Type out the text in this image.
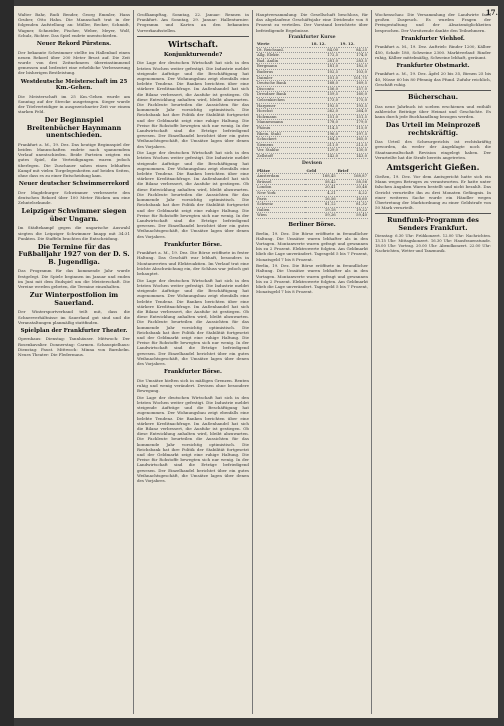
17.

Walter Bahr, Rudi Bender, Georg Emmler, Hans Gruber, Otto Hahn. Die Mannschaft trat in der folgenden Aufstellung an: Müller, Becker, Schmidt, Wagner, Schneider, Fischer, Weber, Meyer, Wolf, Schulz, Richter. Das Spiel endete unentschieden.

Neuer Rekord Pürstens.

Der bekannte Schwimmer stellte im Hallenbad einen neuen Rekord über 200 Meter Brust auf. Die Zeit wurde von drei Zeitnehmern übereinstimmend gemessen und bedeutet eine erhebliche Verbesserung der bisherigen Bestleistung.

Westdeutsche Meisterschaft im 25 Km.-Gehen.

Die Meisterschaft im 25 Km.-Gehen wurde am Sonntag auf der Strecke ausgetragen. Sieger wurde der Titelverteidiger in ausgezeichneter Zeit vor einem starken Feld.

Der Beginnspiel Breitenbücher Haynmann unentschieden.

Frankfurt a. M., 19. Dez. Das heutige Beginnspiel der beiden Mannschaften endete nach spannendem Verlauf unentschieden. Beide Parteien zeigten ein gutes Spiel, die Verteidigungen waren jedoch überlegen. Die Zuschauer sahen einen lebhaften Kampf mit vielen Torgelegenheiten auf beiden Seiten, ohne dass es zu einer Entscheidung kam.

Neuer deutscher Schwimmerrekord

Der Magdeburger Schwimmer verbesserte den deutschen Rekord über 100 Meter Rücken um eine Zehntelsekunde.

Leipziger Schwimmer siegen über Ungarn.

Im Städtekampf gegen die ungarische Auswahl siegten die Leipziger Schwimmer knapp mit 34:31 Punkten. Die Staffeln brachten die Entscheidung.

Die Termine für das Fußballjahr 1927 von der D. S. B. Jugendliga.

Das Programm für das kommende Jahr wurde festgelegt. Die Spiele beginnen im Januar und enden im Juni mit dem Endspiel um die Meisterschaft. Die Vereine werden gebeten, die Termine einzuhalten.

Zur Winterpostfolion im Sauerland.

Der Wintersportverband teilt mit, dass die Schneeverhältnisse im Sauerland gut sind und die Veranstaltungen planmäßig stattfinden.

Spielplan der Frankfurter Theater.

Opernhaus: Dienstag: Tannhäuser. Mittwoch: Der Rosenkavalier. Donnerstag: Carmen. Schauspielhaus: Dienstag: Faust. Mittwoch: Minna von Barnhelm. Neues Theater: Die Fledermaus.

Großkampftag, Sonntag, 22. Januar: Rennen in Frankfurt. Am Sonntag, 29. Januar: Hallenturnier. Programm und Karten an den bekannten Vorverkaufsstellen.

Wirtschaft.
Konjunkturwende?

Die Lage der deutschen Wirtschaft hat sich in den letzten Wochen weiter gefestigt. Die Industrie meldet steigende Aufträge und die Beschäftigung hat zugenommen. Der Wohnungsbau zeigt ebenfalls eine belebte Tendenz. Die Banken berichten über eine stärkere Kreditnachfrage. Im Außenhandel hat sich die Bilanz verbessert, die Ausfuhr ist gestiegen. Ob diese Entwicklung anhalten wird, bleibt abzuwarten. Die Fachleute beurteilen die Aussichten für das kommende Jahr vorsichtig optimistisch. Die Reichsbank hat ihre Politik der Stabilität fortgesetzt und der Geldmarkt zeigt eine ruhige Haltung. Die Preise für Rohstoffe bewegten sich nur wenig. In der Landwirtschaft sind die Erträge befriedigend gewesen. Der Einzelhandel berichtet über ein gutes Weihnachtsgeschäft, die Umsätze lagen über denen des Vorjahres.

Die Lage der deutschen Wirtschaft hat sich in den letzten Wochen weiter gefestigt. Die Industrie meldet steigende Aufträge und die Beschäftigung hat zugenommen. Der Wohnungsbau zeigt ebenfalls eine belebte Tendenz. Die Banken berichten über eine stärkere Kreditnachfrage. Im Außenhandel hat sich die Bilanz verbessert, die Ausfuhr ist gestiegen. Ob diese Entwicklung anhalten wird, bleibt abzuwarten. Die Fachleute beurteilen die Aussichten für das kommende Jahr vorsichtig optimistisch. Die Reichsbank hat ihre Politik der Stabilität fortgesetzt und der Geldmarkt zeigt eine ruhige Haltung. Die Preise für Rohstoffe bewegten sich nur wenig. In der Landwirtschaft sind die Erträge befriedigend gewesen. Der Einzelhandel berichtet über ein gutes Weihnachtsgeschäft, die Umsätze lagen über denen des Vorjahres.

Frankfurter Börse.

Frankfurt a. M., 19. Dez. Die Börse eröffnete in fester Haltung. Das Geschäft war lebhaft, besonders in Montanwerten und Elektroaktien. Im Verlauf trat eine leichte Abschwächung ein, der Schluss war jedoch gut behauptet.

Die Lage der deutschen Wirtschaft hat sich in den letzten Wochen weiter gefestigt. Die Industrie meldet steigende Aufträge und die Beschäftigung hat zugenommen. Der Wohnungsbau zeigt ebenfalls eine belebte Tendenz. Die Banken berichten über eine stärkere Kreditnachfrage. Im Außenhandel hat sich die Bilanz verbessert, die Ausfuhr ist gestiegen. Ob diese Entwicklung anhalten wird, bleibt abzuwarten. Die Fachleute beurteilen die Aussichten für das kommende Jahr vorsichtig optimistisch. Die Reichsbank hat ihre Politik der Stabilität fortgesetzt und der Geldmarkt zeigt eine ruhige Haltung. Die Preise für Rohstoffe bewegten sich nur wenig. In der Landwirtschaft sind die Erträge befriedigend gewesen. Der Einzelhandel berichtet über ein gutes Weihnachtsgeschäft, die Umsätze lagen über denen des Vorjahres.

Frankfurter Börse.

Die Umsätze hielten sich in mäßigen Grenzen. Renten ruhig und wenig verändert. Devisen ohne besondere Bewegung.

Die Lage der deutschen Wirtschaft hat sich in den letzten Wochen weiter gefestigt. Die Industrie meldet steigende Aufträge und die Beschäftigung hat zugenommen. Der Wohnungsbau zeigt ebenfalls eine belebte Tendenz. Die Banken berichten über eine stärkere Kreditnachfrage. Im Außenhandel hat sich die Bilanz verbessert, die Ausfuhr ist gestiegen. Ob diese Entwicklung anhalten wird, bleibt abzuwarten. Die Fachleute beurteilen die Aussichten für das kommende Jahr vorsichtig optimistisch. Die Reichsbank hat ihre Politik der Stabilität fortgesetzt und der Geldmarkt zeigt eine ruhige Haltung. Die Preise für Rohstoffe bewegten sich nur wenig. In der Landwirtschaft sind die Erträge befriedigend gewesen. Der Einzelhandel berichtet über ein gutes Weihnachtsgeschäft, die Umsätze lagen über denen des Vorjahres.

Hauptversammlung: Die Gesellschaft beschloss, für das abgelaufene Geschäftsjahr eine Dividende von 8 Prozent zu verteilen. Der Vorstand berichtete über befriedigende Ergebnisse.

Frankfurter Kurse
Werte	18. 12.	19. 12.
Dt. Reichsanl.	84,00	84,25
Allg. Elektr.	172,5	174,0
Bad. Anilin	281,0	283,5
Bergmann	181,0	182,0
Buderus	102,5	103,0
Daimler	101,0	101,75
Deutsche Bank	168,0	169,5
Disconto	156,0	157,0
Dresdner Bank	159,5	160,0
Gelsenkirchen	173,0	175,0
Harpener	192,0	193,5
Hoechst	262,0	264,0
Holzmann	151,0	151,5
Mannesmann	178,0	179,0
Phönix	114,5	115,0
Rhein. Stahl	196,0	197,5
Schuckert	164,0	165,0
Siemens	211,0	212,5
Ver. Stahlw.	129,0	130,0
Zellstoff	142,0	143,0
Devisen
Plätze	Geld	Brief
Amsterdam	168,45	168,87
Brüssel	58,42	58,56
London	20,41	20,46
New York	4,21	4,22
Paris	16,56	16,60
Schweiz	81,12	81,32
Italien	19,18	19,22
Wien	59,26	59,40
Berliner Börse.

Berlin, 19. Dez. Die Börse eröffnete in freundlicher Haltung. Die Umsätze waren lebhafter als in den Vortagen. Montanwerte waren gefragt und gewannen bis zu 2 Prozent. Elektrowerte folgten. Am Geldmarkt blieb die Lage unverändert. Tagesgeld 5 bis 7 Prozent, Monatsgeld 7 bis 8 Prozent.

Berlin, 19. Dez. Die Börse eröffnete in freundlicher Haltung. Die Umsätze waren lebhafter als in den Vortagen. Montanwerte waren gefragt und gewannen bis zu 2 Prozent. Elektrowerte folgten. Am Geldmarkt blieb die Lage unverändert. Tagesgeld 5 bis 7 Prozent, Monatsgeld 7 bis 8 Prozent.

Wochenschau: Die Versammlung der Landwirte fand großen Zuspruch. Es wurden Fragen der Preisgestaltung und der Absatzmöglichkeiten besprochen. Der Vorsitzende dankte den Teilnehmern.

Frankfurter Viehhof.

Frankfurt a. M., 19. Dez. Auftrieb: Rinder 1200, Kälber 450, Schafe 180, Schweine 2300. Marktverlauf: Rinder ruhig, Kälber mittelmäßig, Schweine lebhaft, geräumt.

Frankfurter Obstmarkt.

Frankfurt a. M., 19. Dez. Äpfel 20 bis 35, Birnen 25 bis 40, Nüsse 60 bis 80 Pfennig das Pfund. Zufuhr reichlich, Geschäft ruhig.

Bücherschau.

Das neue Jahrbuch ist soeben erschienen und enthält zahlreiche Beiträge über Heimat und Geschichte. Es kann durch jede Buchhandlung bezogen werden.

Das Urteil im Meinprozeß rechtskräftig.

Das Urteil des Schwurgerichts ist rechtskräftig geworden, da weder der Angeklagte noch die Staatsanwaltschaft Revision eingelegt haben. Der Verurteilte hat die Strafe bereits angetreten.

Amtsgericht Gießen.

Gießen, 19. Dez. Vor dem Amtsgericht hatte sich ein Mann wegen Betruges zu verantworten. Er hatte unter falschen Angaben Waren bestellt und nicht bezahlt. Das Gericht verurteilte ihn zu drei Monaten Gefängnis. In einer weiteren Sache wurde ein Händler wegen Übertretung der Marktordnung zu einer Geldstrafe von 50 Mark verurteilt.

Rundfunk-Programm des Senders Frankfurt.

Dienstag: 6.30 Uhr: Frühkonzert. 12.00 Uhr: Nachrichten. 13.15 Uhr: Mittagskonzert. 16.30 Uhr: Hausfrauenstunde. 18.00 Uhr: Vortrag. 20.00 Uhr: Abendkonzert. 22.00 Uhr: Nachrichten, Wetter und Tanzmusik.
